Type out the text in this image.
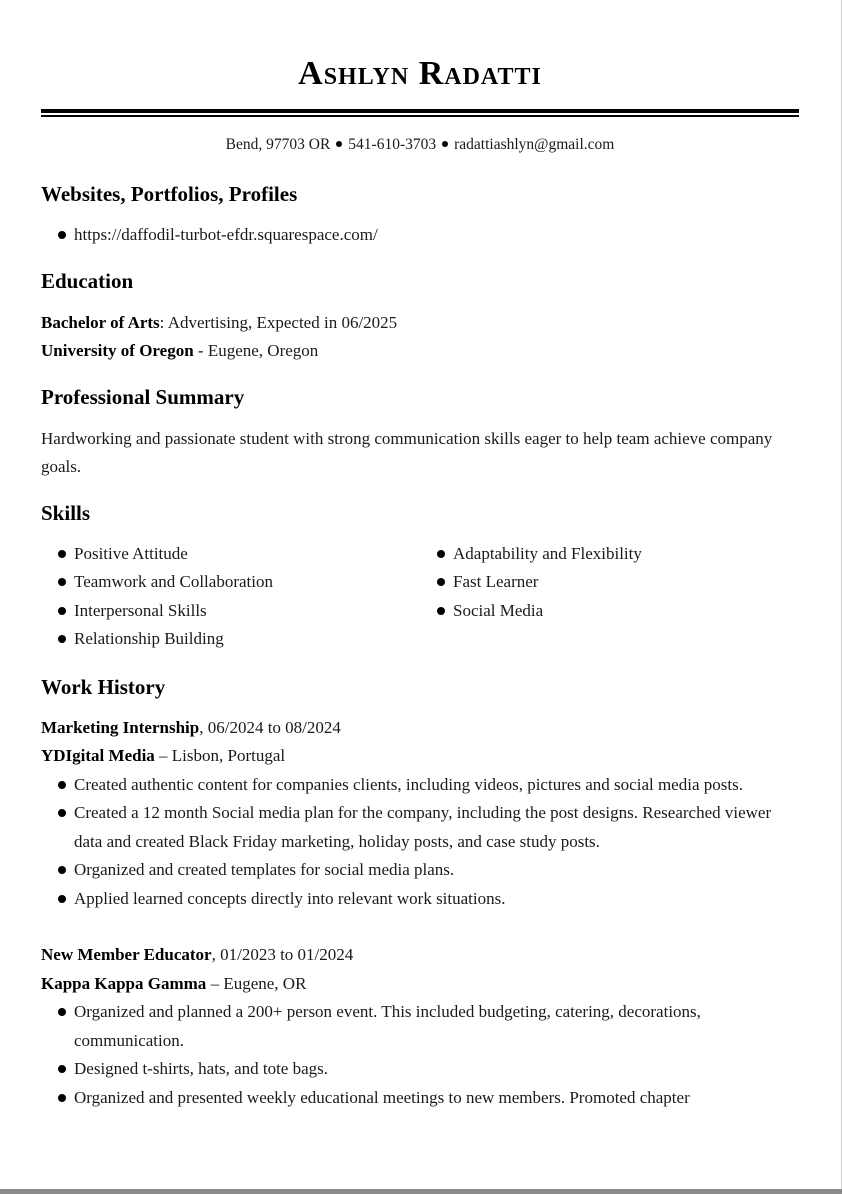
Ashlyn Radatti
Bend, 97703 OR 541-610-3703 radattiashlyn@gmail.com
Websites, Portfolios, Profiles
https://daffodil-turbot-efdr.squarespace.com/
Education
Bachelor of Arts: Advertising, Expected in 06/2025
University of Oregon - Eugene, Oregon
Professional Summary
Hardworking and passionate student with strong communication skills eager to help team achieve company goals.
Skills
Positive Attitude
Teamwork and Collaboration
Interpersonal Skills
Relationship Building
Adaptability and Flexibility
Fast Learner
Social Media
Work History
Marketing Internship, 06/2024 to 08/2024
YDIgital Media – Lisbon, Portugal
Created authentic content for companies clients, including videos, pictures and social media posts.
Created a 12 month Social media plan for the company, including the post designs. Researched viewer data and created Black Friday marketing, holiday posts, and case study posts.
Organized and created templates for social media plans.
Applied learned concepts directly into relevant work situations.
New Member Educator, 01/2023 to 01/2024
Kappa Kappa Gamma – Eugene, OR
Organized and planned a 200+ person event. This included budgeting, catering, decorations, communication.
Designed t-shirts, hats, and tote bags.
Organized and presented weekly educational meetings to new members. Promoted chapter
